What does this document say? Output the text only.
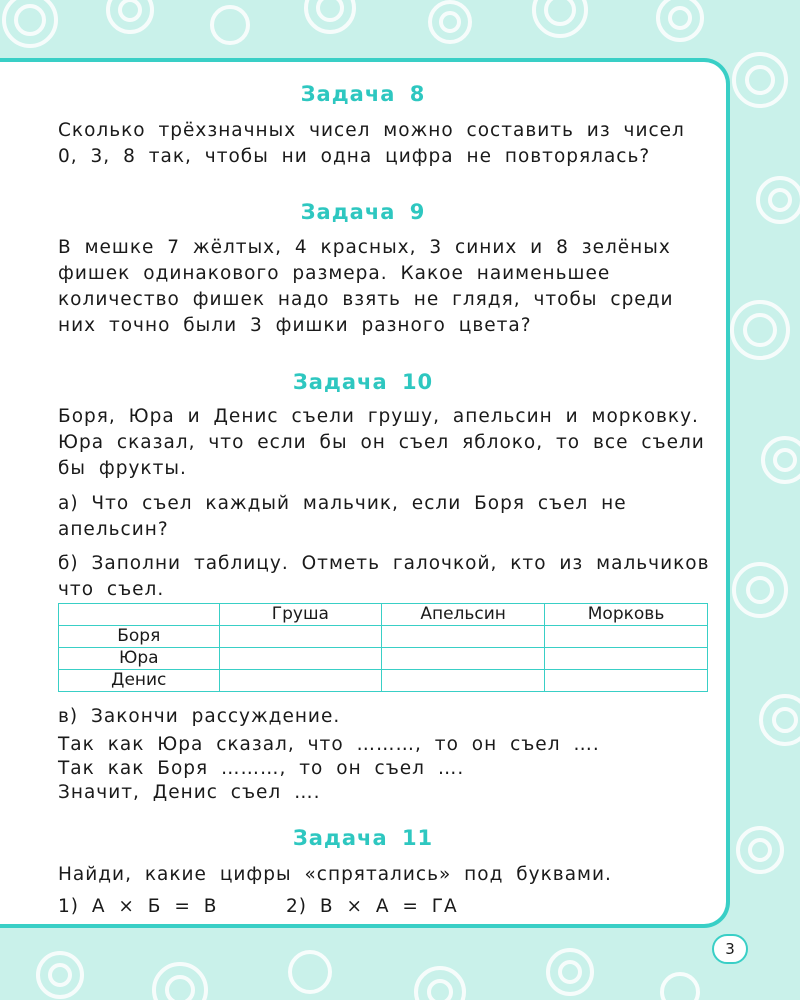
Задача 8
Сколько трёхзначных чисел можно составить из чисел
0, 3, 8 так, чтобы ни одна цифра не повторялась?
Задача 9
В мешке 7 жёлтых, 4 красных, 3 синих и 8 зелёных
фишек одинакового размера. Какое наименьшее
количество фишек надо взять не глядя, чтобы среди
них точно были 3 фишки разного цвета?
Задача 10
Боря, Юра и Денис съели грушу, апельсин и морковку.
Юра сказал, что если бы он съел яблоко, то все съели
бы фрукты.
а) Что съел каждый мальчик, если Боря съел не
апельсин?
б) Заполни таблицу. Отметь галочкой, кто из мальчиков
что съел.
	Груша	Апельсин	Морковь
Боря			
Юра			
Денис			
в) Закончи рассуждение.
Так как Юра сказал, что ………, то он съел ….
Так как Боря ………, то он съел ….
Значит, Денис съел ….
Задача 11
Найди, какие цифры «спрятались» под буквами.
1) А × Б = В	2) В × А = ГА
3
